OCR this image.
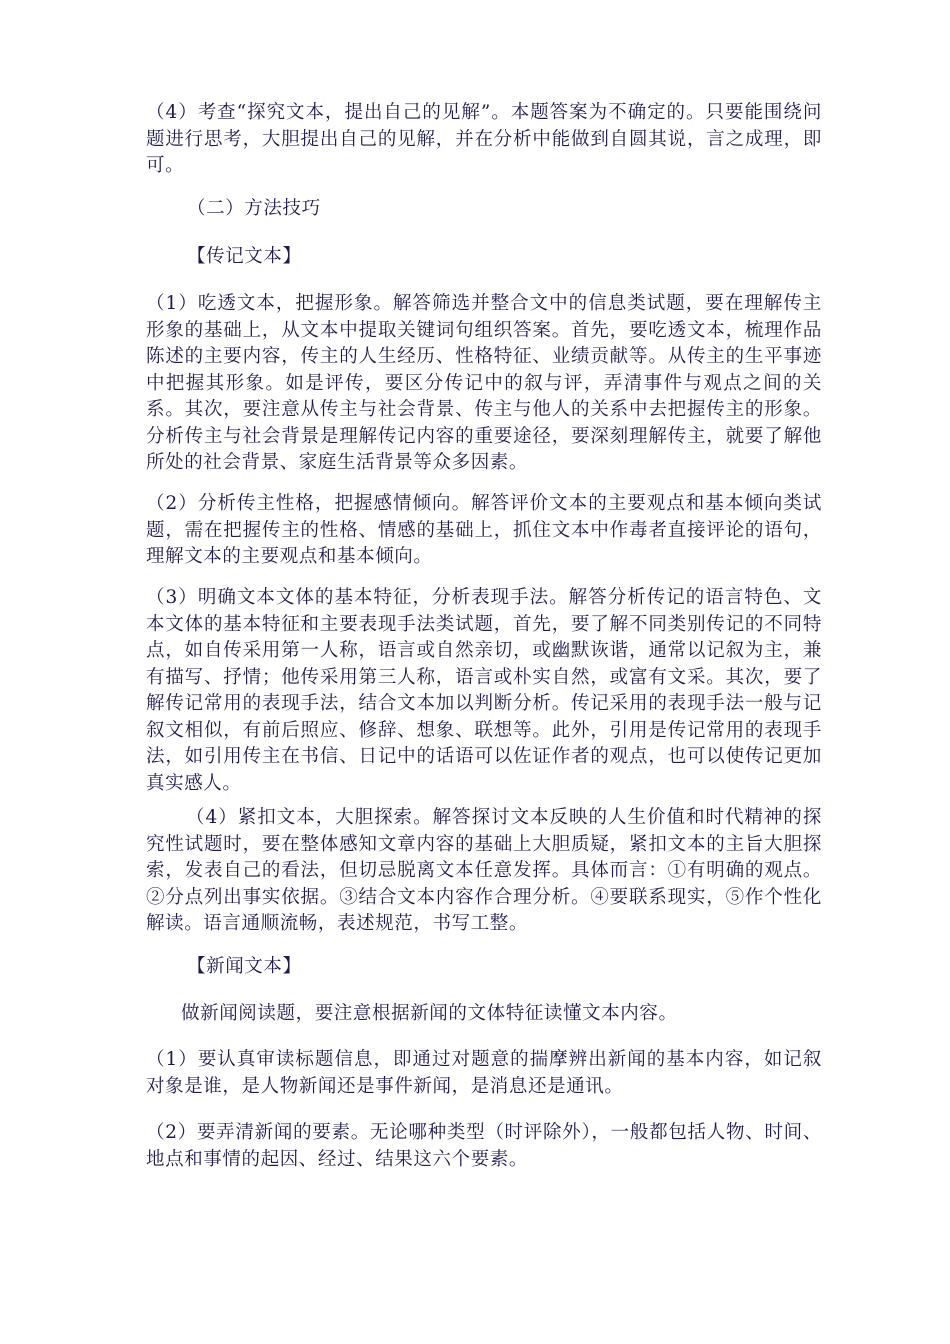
（4）考查“探究文本，提出自己的见解”。本题答案为不确定的。只要能围绕问题进行思考，大胆提出自己的见解，并在分析中能做到自圆其说，言之成理，即可。

（二）方法技巧

【传记文本】

（1）吃透文本，把握形象。解答筛选并整合文中的信息类试题，要在理解传主形象的基础上，从文本中提取关键词句组织答案。首先，要吃透文本，梳理作品陈述的主要内容，传主的人生经历、性格特征、业绩贡献等。从传主的生平事迹中把握其形象。如是评传，要区分传记中的叙与评，弄清事件与观点之间的关系。其次，要注意从传主与社会背景、传主与他人的关系中去把握传主的形象。分析传主与社会背景是理解传记内容的重要途径，要深刻理解传主，就要了解他所处的社会背景、家庭生活背景等众多因素。

（2）分析传主性格，把握感情倾向。解答评价文本的主要观点和基本倾向类试题，需在把握传主的性格、情感的基础上，抓住文本中作毒者直接评论的语句，理解文本的主要观点和基本倾向。

（3）明确文本文体的基本特征，分析表现手法。解答分析传记的语言特色、文本文体的基本特征和主要表现手法类试题，首先，要了解不同类别传记的不同特点，如自传采用第一人称，语言或自然亲切，或幽默诙谐，通常以记叙为主，兼有描写、抒情；他传采用第三人称，语言或朴实自然，或富有文采。其次，要了解传记常用的表现手法，结合文本加以判断分析。传记采用的表现手法一般与记叙文相似，有前后照应、修辞、想象、联想等。此外，引用是传记常用的表现手法，如引用传主在书信、日记中的话语可以佐证作者的观点，也可以使传记更加真实感人。

（4）紧扣文本，大胆探索。解答探讨文本反映的人生价值和时代精神的探究性试题时，要在整体感知文章内容的基础上大胆质疑，紧扣文本的主旨大胆探索，发表自己的看法，但切忌脱离文本任意发挥。具体而言：①有明确的观点。②分点列出事实依据。③结合文本内容作合理分析。④要联系现实，⑤作个性化解读。语言通顺流畅，表述规范，书写工整。

【新闻文本】

做新闻阅读题，要注意根据新闻的文体特征读懂文本内容。

（1）要认真审读标题信息，即通过对题意的揣摩辨出新闻的基本内容，如记叙对象是谁，是人物新闻还是事件新闻，是消息还是通讯。

（2）要弄清新闻的要素。无论哪种类型（时评除外），一般都包括人物、时间、地点和事情的起因、经过、结果这六个要素。
